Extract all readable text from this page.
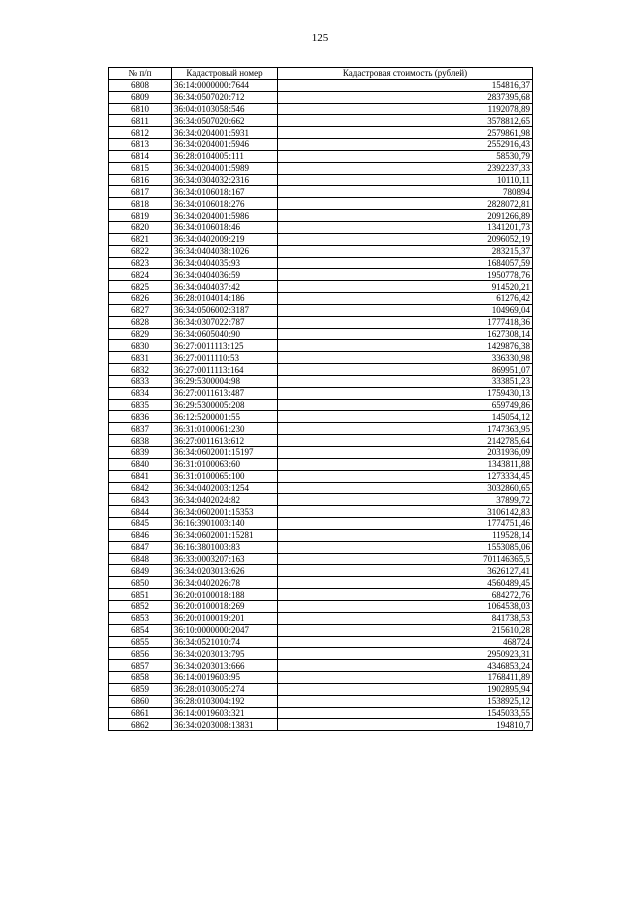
125
№ п/п	Кадастровый номер	Кадастровая стоимость (рублей)
6808	36:14:0000000:7644	154816,37
6809	36:34:0507020:712	2837395,68
6810	36:04:0103058:546	1192078,89
6811	36:34:0507020:662	3578812,65
6812	36:34:0204001:5931	2579861,98
6813	36:34:0204001:5946	2552916,43
6814	36:28:0104005:111	58530,79
6815	36:34:0204001:5989	2392237,33
6816	36:34:0304032:2316	10110,11
6817	36:34:0106018:167	780894
6818	36:34:0106018:276	2828072,81
6819	36:34:0204001:5986	2091266,89
6820	36:34:0106018:46	1341201,73
6821	36:34:0402009:219	2096052,19
6822	36:34:0404038:1026	283215,37
6823	36:34:0404035:93	1684057,59
6824	36:34:0404036:59	1950778,76
6825	36:34:0404037:42	914520,21
6826	36:28:0104014:186	61276,42
6827	36:34:0506002:3187	104969,04
6828	36:34:0307022:787	1777418,36
6829	36:34:0605040:90	1627308,14
6830	36:27:0011113:125	1429876,38
6831	36:27:0011110:53	336330,98
6832	36:27:0011113:164	869951,07
6833	36:29:5300004:98	333851,23
6834	36:27:0011613:487	1759430,13
6835	36:29:5300005:208	659749,86
6836	36:12:5200001:55	145054,12
6837	36:31:0100061:230	1747363,95
6838	36:27:0011613:612	2142785,64
6839	36:34:0602001:15197	2031936,09
6840	36:31:0100063:60	1343811,88
6841	36:31:0100065:100	1273334,45
6842	36:34:0402003:1254	3032860,65
6843	36:34:0402024:82	37899,72
6844	36:34:0602001:15353	3106142,83
6845	36:16:3901003:140	1774751,46
6846	36:34:0602001:15281	119528,14
6847	36:16:3801003:83	1553085,06
6848	36:33:0003207:163	701146365,5
6849	36:34:0203013:626	3626127,41
6850	36:34:0402026:78	4560489,45
6851	36:20:0100018:188	684272,76
6852	36:20:0100018:269	1064538,03
6853	36:20:0100019:201	841738,53
6854	36:10:0000000:2047	215610,28
6855	36:34:0521010:74	468724
6856	36:34:0203013:795	2950923,31
6857	36:34:0203013:666	4346853,24
6858	36:14:0019603:95	1768411,89
6859	36:28:0103005:274	1902895,94
6860	36:28:0103004:192	1538925,12
6861	36:14:0019603:321	1545033,55
6862	36:34:0203008:13831	194810,7
